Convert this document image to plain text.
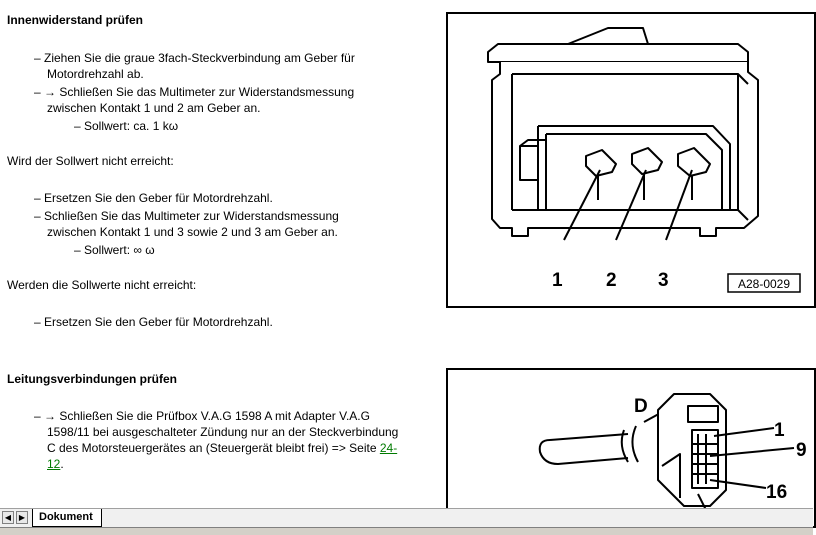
Innenwiderstand prüfen
– Ziehen Sie die graue 3fach-Steckverbindung am Geber für
Motordrehzahl ab.
– → Schließen Sie das Multimeter zur Widerstandsmessung
zwischen Kontakt 1 und 2 am Geber an.
– Sollwert: ca. 1 kω
Wird der Sollwert nicht erreicht:
– Ersetzen Sie den Geber für Motordrehzahl.
– Schließen Sie das Multimeter zur Widerstandsmessung
zwischen Kontakt 1 und 3 sowie 2 und 3 am Geber an.
– Sollwert: ∞ ω
Werden die Sollwerte nicht erreicht:
– Ersetzen Sie den Geber für Motordrehzahl.
Leitungsverbindungen prüfen
– → Schließen Sie die Prüfbox V.A.G 1598 A mit Adapter V.A.G
1598/11 bei ausgeschalteter Zündung nur an der Steckverbindung
C des Motorsteuergerätes an (Steuergerät bleibt frei) => Seite 24-
12.
1 2 3	A28-0029
D
1
9
16
◀ ▶	Dokument
